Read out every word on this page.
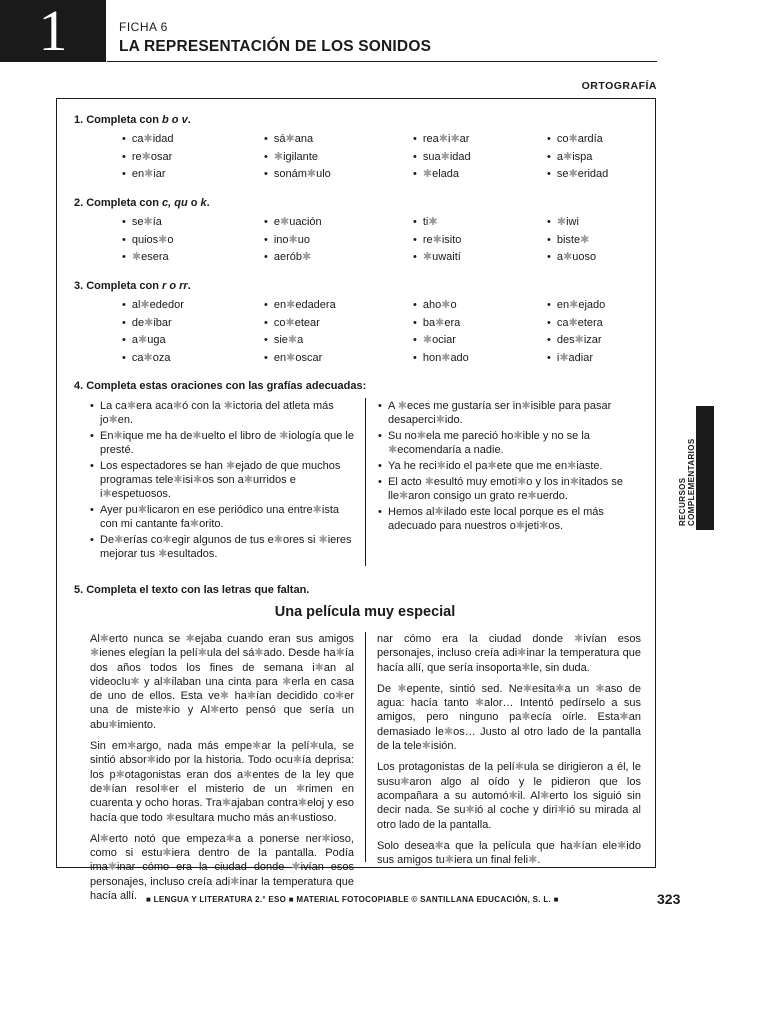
1	FICHA 6
LA REPRESENTACIÓN DE LOS SONIDOS
ORTOGRAFÍA
1. Completa con b o v.
• ca✱idad
• re✱osar
• en✱iar
• sá✱ana
• ✱igilante
• sonám✱ulo
• rea✱i✱ar
• sua✱idad
• ✱elada
• co✱ardía
• a✱ispa
• se✱eridad
2. Completa con c, qu o k.
• se✱ía
• quios✱o
• ✱esera
• e✱uación
• ino✱uo
• aerób✱
• ti✱
• re✱isito
• ✱uwaití
• ✱iwi
• biste✱
• a✱uoso
3. Completa con r o rr.
• al✱ededor
• de✱ibar
• a✱uga
• ca✱oza
• en✱edadera
• co✱etear
• sie✱a
• en✱oscar
• aho✱o
• ba✱era
• ✱ociar
• hon✱ado
• en✱ejado
• ca✱etera
• des✱izar
• i✱adiar
4. Completa estas oraciones con las grafías adecuadas:
• La ca✱era aca✱ó con la ✱ictoria del atleta más jo✱en.
• En✱ique me ha de✱uelto el libro de ✱iología que le presté.
• Los espectadores se han ✱ejado de que muchos programas tele✱isi✱os son a✱urridos e i✱espetuosos.
• Ayer pu✱licaron en ese periódico una entre✱ista con mi cantante fa✱orito.
• De✱erías co✱egir algunos de tus e✱ores si ✱ieres mejorar tus ✱esultados.
• A ✱eces me gustaría ser in✱isible para pasar desaperci✱ido.
• Su no✱ela me pareció ho✱ible y no se la ✱ecomendaría a nadie.
• Ya he reci✱ido el pa✱ete que me en✱iaste.
• El acto ✱esultó muy emoti✱o y los in✱itados se lle✱aron consigo un grato re✱uerdo.
• Hemos al✱ilado este local porque es el más adecuado para nuestros o✱jeti✱os.
5. Completa el texto con las letras que faltan.
Una película muy especial

Al✱erto nunca se ✱ejaba cuando eran sus amigos ✱ienes elegían la pelí✱ula del sá✱ado. Desde ha✱ía dos años todos los fines de semana i✱an al videoclu✱ y al✱ilaban una cinta para ✱erla en casa de uno de ellos. Esta ve✱ ha✱ían decidido co✱er una de miste✱io y Al✱erto pensó que sería un abu✱imiento.

Sin em✱argo, nada más empe✱ar la pelí✱ula, se sintió absor✱ido por la historia. Todo ocu✱ía deprisa: los p✱otagonistas eran dos a✱entes de la ley que de✱ían resol✱er el misterio de un ✱rimen en cuarenta y ocho horas. Tra✱ajaban contra✱eloj y eso hacía que todo ✱esultara mucho más an✱ustioso.

Al✱erto notó que empeza✱a a ponerse ner✱ioso, como si estu✱iera dentro de la pantalla. Podía ima✱inar cómo era la ciudad donde ✱ivían esos personajes, incluso creía adi✱inar la temperatura que hacía allí.

nar cómo era la ciudad donde ✱ivían esos personajes, incluso creía adi✱inar la temperatura que hacía allí, que sería insoporta✱le, sin duda.

De ✱epente, sintió sed. Ne✱esita✱a un ✱aso de agua: hacía tanto ✱alor… Intentó pedírselo a sus amigos, pero ninguno pa✱ecía oírle. Esta✱an demasiado le✱os… Justo al otro lado de la pantalla de la tele✱isión.

Los protagonistas de la pelí✱ula se dirigieron a él, le susu✱aron algo al oído y le pidieron que los acompañara a su automó✱il. Al✱erto los siguió sin decir nada. Se su✱ió al coche y diri✱ió su mirada al otro lado de la pantalla.

Solo desea✱a que la película que ha✱ían ele✱ido sus amigos tu✱iera un final feli✱.

RECURSOS COMPLEMENTARIOS
■ LENGUA Y LITERATURA 2.° ESO ■ MATERIAL FOTOCOPIABLE © SANTILLANA EDUCACIÓN, S. L. ■	323
